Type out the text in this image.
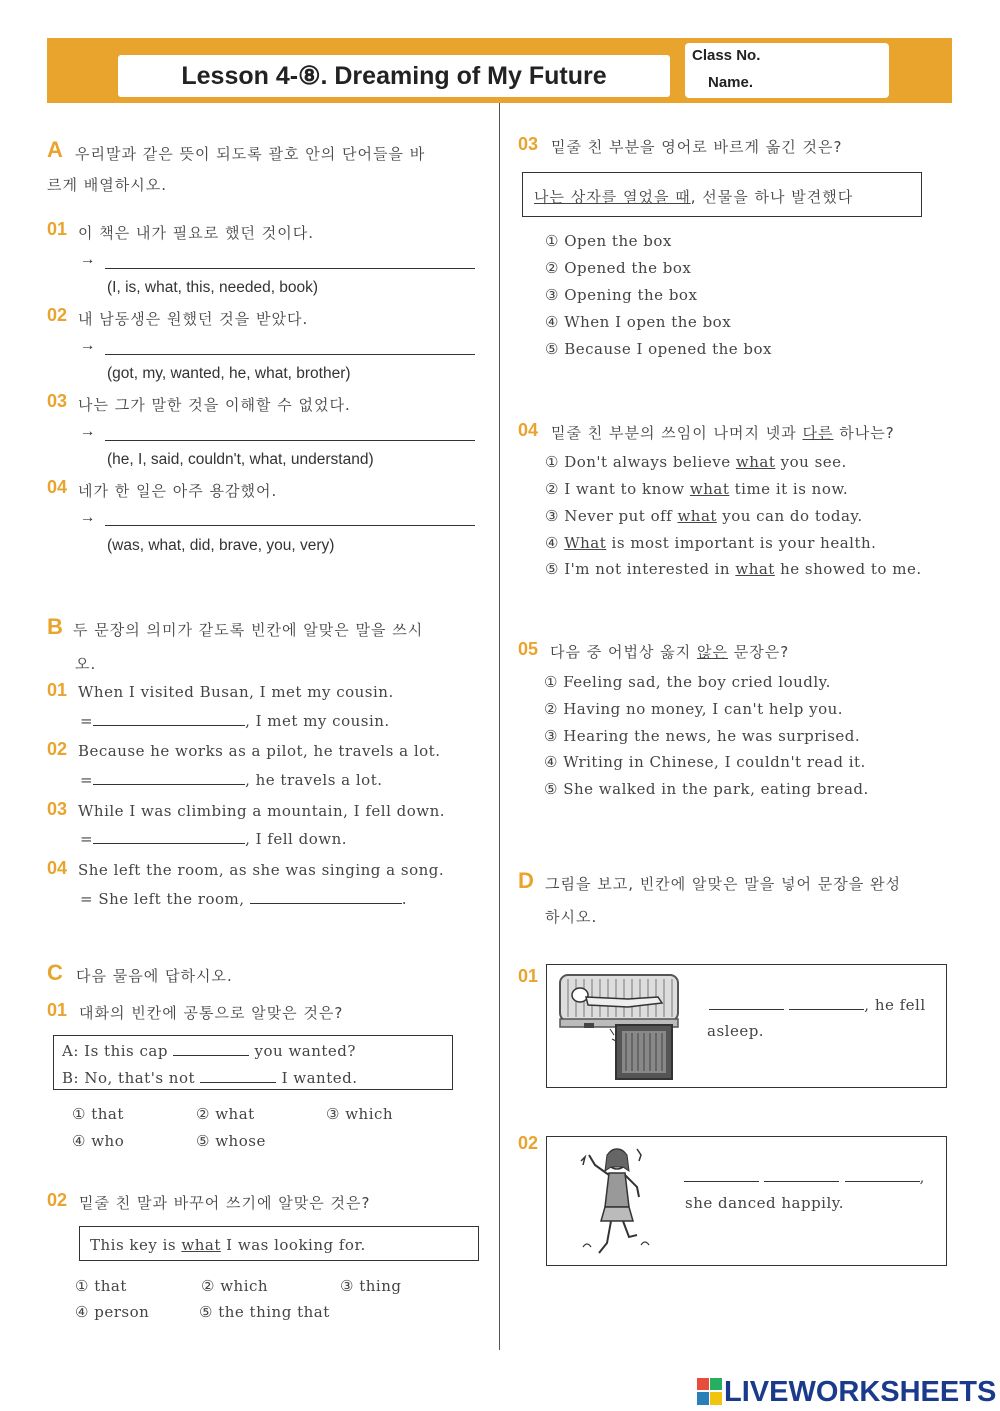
Lesson 4-⑧. Dreaming of My Future
Class No.
Name.
A 우리말과 같은 뜻이 되도록 괄호 안의 단어들을 바
르게 배열하시오.
01 이 책은 내가 필요로 했던 것이다.
→
(I, is, what, this, needed, book)
02 내 남동생은 원했던 것을 받았다.
→
(got, my, wanted, he, what, brother)
03 나는 그가 말한 것을 이해할 수 없었다.
→
(he, I, said, couldn't, what, understand)
04 네가 한 일은 아주 용감했어.
→
(was, what, did, brave, you, very)
B 두 문장의 의미가 같도록 빈칸에 알맞은 말을 쓰시
오.
01 When I visited Busan, I met my cousin.
=	, I met my cousin.
02 Because he works as a pilot, he travels a lot.
=	, he travels a lot.
03 While I was climbing a mountain, I fell down.
=	, I fell down.
04 She left the room, as she was singing a song.
= She left the room,	.
C 다음 물음에 답하시오.
01 대화의 빈칸에 공통으로 알맞은 것은?
A: Is this cap	you wanted?
B: No, that's not	I wanted.
① that	② what	③ which
④ who	⑤ whose
02 밑줄 친 말과 바꾸어 쓰기에 알맞은 것은?
This key is what I was looking for.
① that	② which	③ thing
④ person	⑤ the thing that
03 밑줄 친 부분을 영어로 바르게 옮긴 것은?
나는 상자를 열었을 때, 선물을 하나 발견했다
① Open the box
② Opened the box
③ Opening the box
④ When I open the box
⑤ Because I opened the box
04 밑줄 친 부분의 쓰임이 나머지 넷과 다른 하나는?
① Don't always believe what you see.
② I want to know what time it is now.
③ Never put off what you can do today.
④ What is most important is your health.
⑤ I'm not interested in what he showed to me.
05 다음 중 어법상 옳지 않은 문장은?
① Feeling sad, the boy cried loudly.
② Having no money, I can't help you.
③ Hearing the news, he was surprised.
④ Writing in Chinese, I couldn't read it.
⑤ She walked in the park, eating bread.
D 그림을 보고, 빈칸에 알맞은 말을 넣어 문장을 완성
하시오.
01
, he fell
asleep.
02
,
she danced happily.
LIVEWORKSHEETS
